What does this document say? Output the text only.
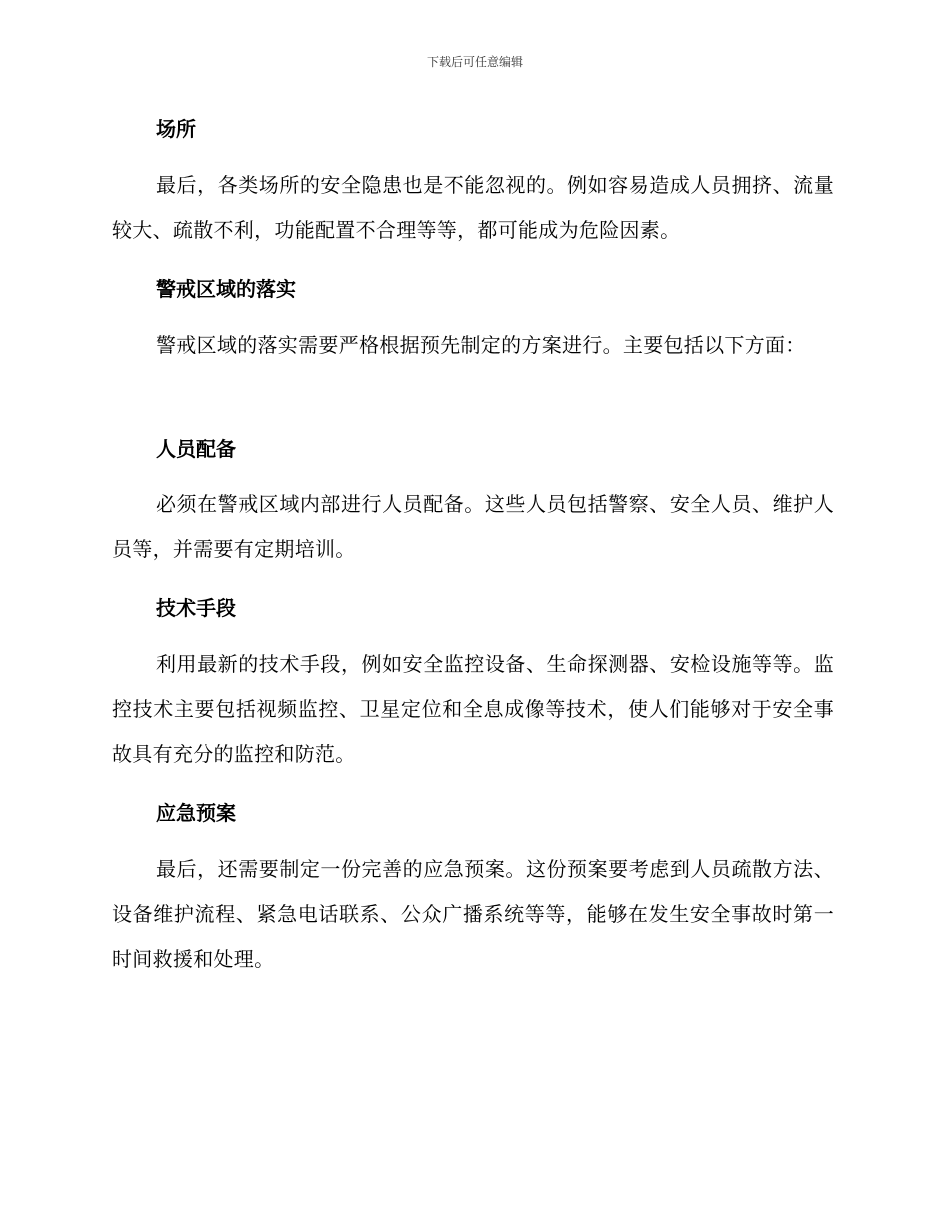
下载后可任意编辑
场所
最后，各类场所的安全隐患也是不能忽视的。例如容易造成人员拥挤、流量较大、疏散不利，功能配置不合理等等，都可能成为危险因素。
警戒区域的落实
警戒区域的落实需要严格根据预先制定的方案进行。主要包括以下方面：
人员配备
必须在警戒区域内部进行人员配备。这些人员包括警察、安全人员、维护人员等，并需要有定期培训。
技术手段
利用最新的技术手段，例如安全监控设备、生命探测器、安检设施等等。监控技术主要包括视频监控、卫星定位和全息成像等技术，使人们能够对于安全事故具有充分的监控和防范。
应急预案
最后，还需要制定一份完善的应急预案。这份预案要考虑到人员疏散方法、设备维护流程、紧急电话联系、公众广播系统等等，能够在发生安全事故时第一时间救援和处理。
